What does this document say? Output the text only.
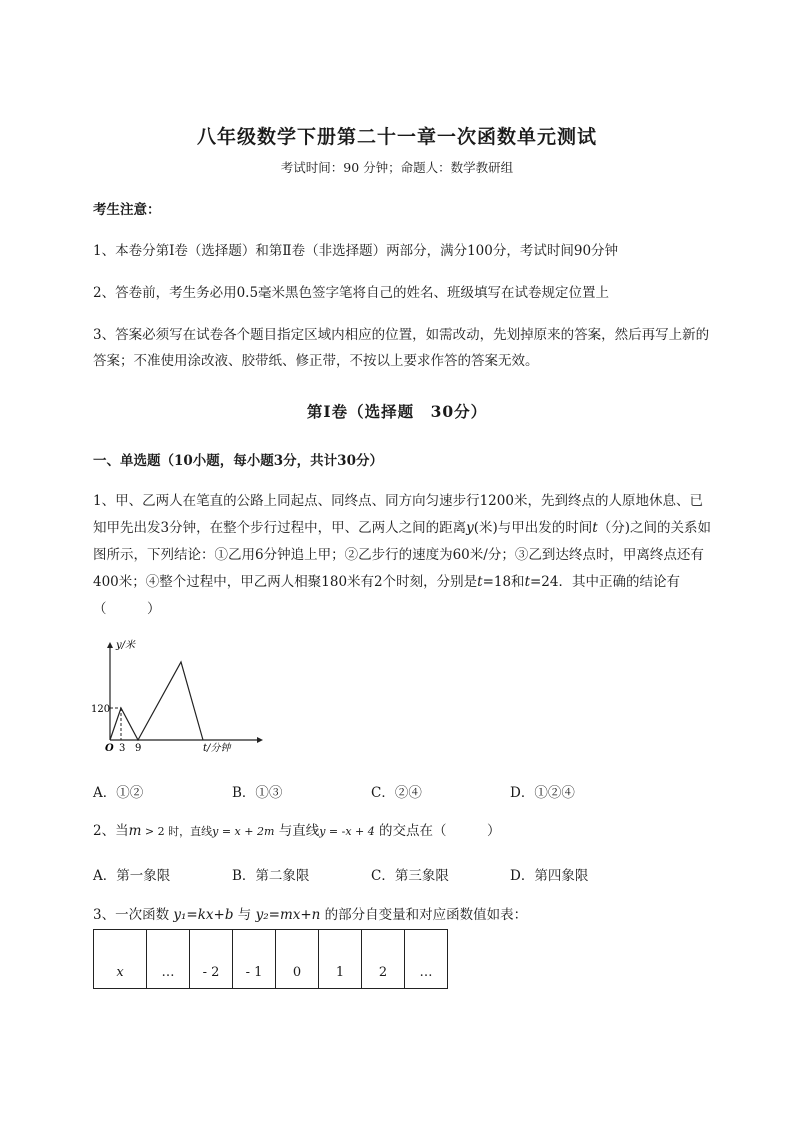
八年级数学下册第二十一章一次函数单元测试
考试时间：90 分钟；命题人：数学教研组
考生注意：
1、本卷分第Ⅰ卷（选择题）和第Ⅱ卷（非选择题）两部分，满分100分，考试时间90分钟
2、答卷前，考生务必用0.5毫米黑色签字笔将自己的姓名、班级填写在试卷规定位置上
3、答案必须写在试卷各个题目指定区域内相应的位置，如需改动，先划掉原来的答案，然后再写上新的答案；不准使用涂改液、胶带纸、修正带，不按以上要求作答的答案无效。
第Ⅰ卷（选择题　30分）
一、单选题（10小题，每小题3分，共计30分）
1、甲、乙两人在笔直的公路上同起点、同终点、同方向匀速步行1200米，先到终点的人原地休息、已知甲先出发3分钟，在整个步行过程中，甲、乙两人之间的距离y(米)与甲出发的时间t（分)之间的关系如图所示，下列结论：①乙用6分钟追上甲；②乙步行的速度为60米/分；③乙到达终点时，甲离终点还有400米；④整个过程中，甲乙两人相聚180米有2个时刻，分别是t=18和t=24．其中正确的结论有（　　　）
y/米
t/分钟
O 3 9
120
A．①②	B．①③	C．②④	D．①②④
2、当m > 2 时，直线y = x + 2m 与直线y = -x + 4 的交点在（　　　）
A．第一象限	B．第二象限	C．第三象限	D．第四象限
3、一次函数 y₁=kx+b 与 y₂=mx+n 的部分自变量和对应函数值如表：
x	…	- 2	- 1	0	1	2	…
